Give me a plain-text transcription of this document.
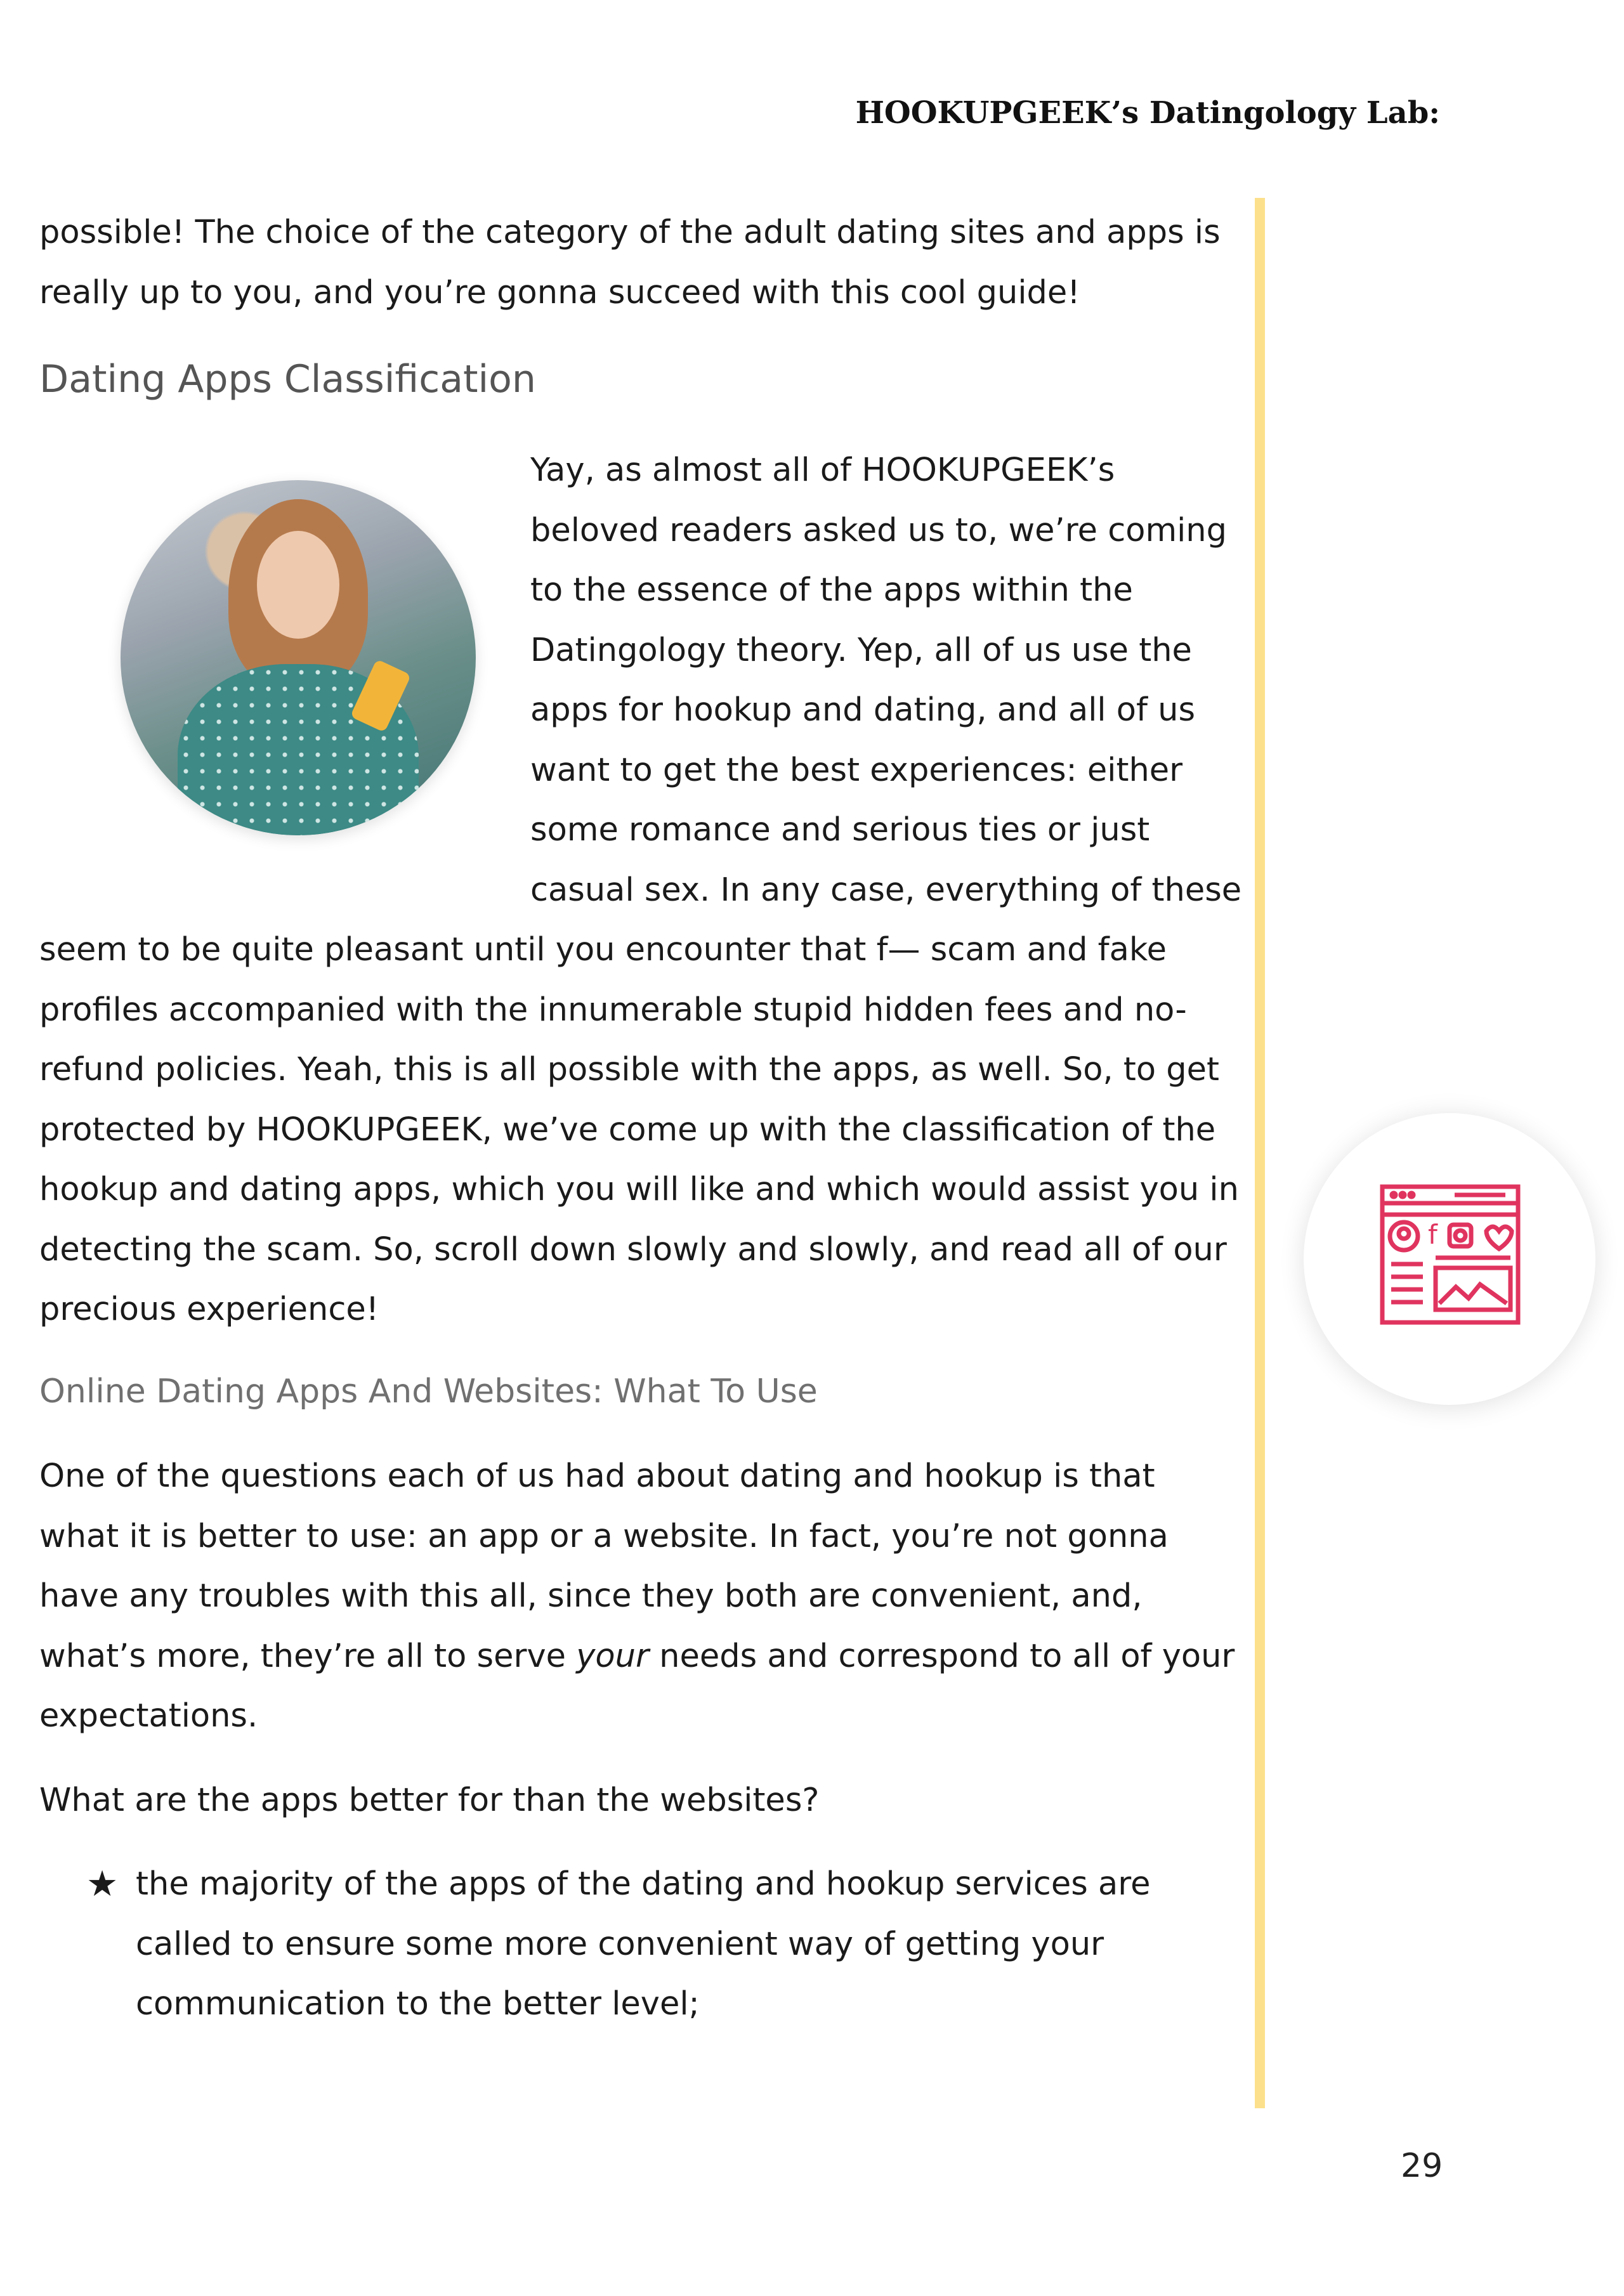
HOOKUPGEEK’s Datingology Lab:

possible! The choice of the category of the adult dating sites and apps is really up to you, and you’re gonna succeed with this cool guide!

Dating Apps Classification

Yay, as almost all of HOOKUPGEEK’s beloved readers asked us to, we’re coming to the essence of the apps within the Datingology theory. Yep, all of us use the apps for hookup and dating, and all of us want to get the best experiences: either some romance and serious ties or just casual sex. In any case, everything of these seem to be quite pleasant until you encounter that f— scam and fake profiles accompanied with the innumerable stupid hidden fees and no-refund policies. Yeah, this is all possible with the apps, as well. So, to get protected by HOOKUPGEEK, we’ve come up with the classification of the hookup and dating apps, which you will like and which would assist you in detecting the scam. So, scroll down slowly and slowly, and read all of our precious experience!

Online Dating Apps And Websites: What To Use

One of the questions each of us had about dating and hookup is that what it is better to use: an app or a website. In fact, you’re not gonna have any troubles with this all, since they both are convenient, and, what’s more, they’re all to serve your needs and correspond to all of your expectations.

What are the apps better for than the websites?

★ the majority of the apps of the dating and hookup services are called to ensure some more convenient way of getting your communication to the better level;
f
29
